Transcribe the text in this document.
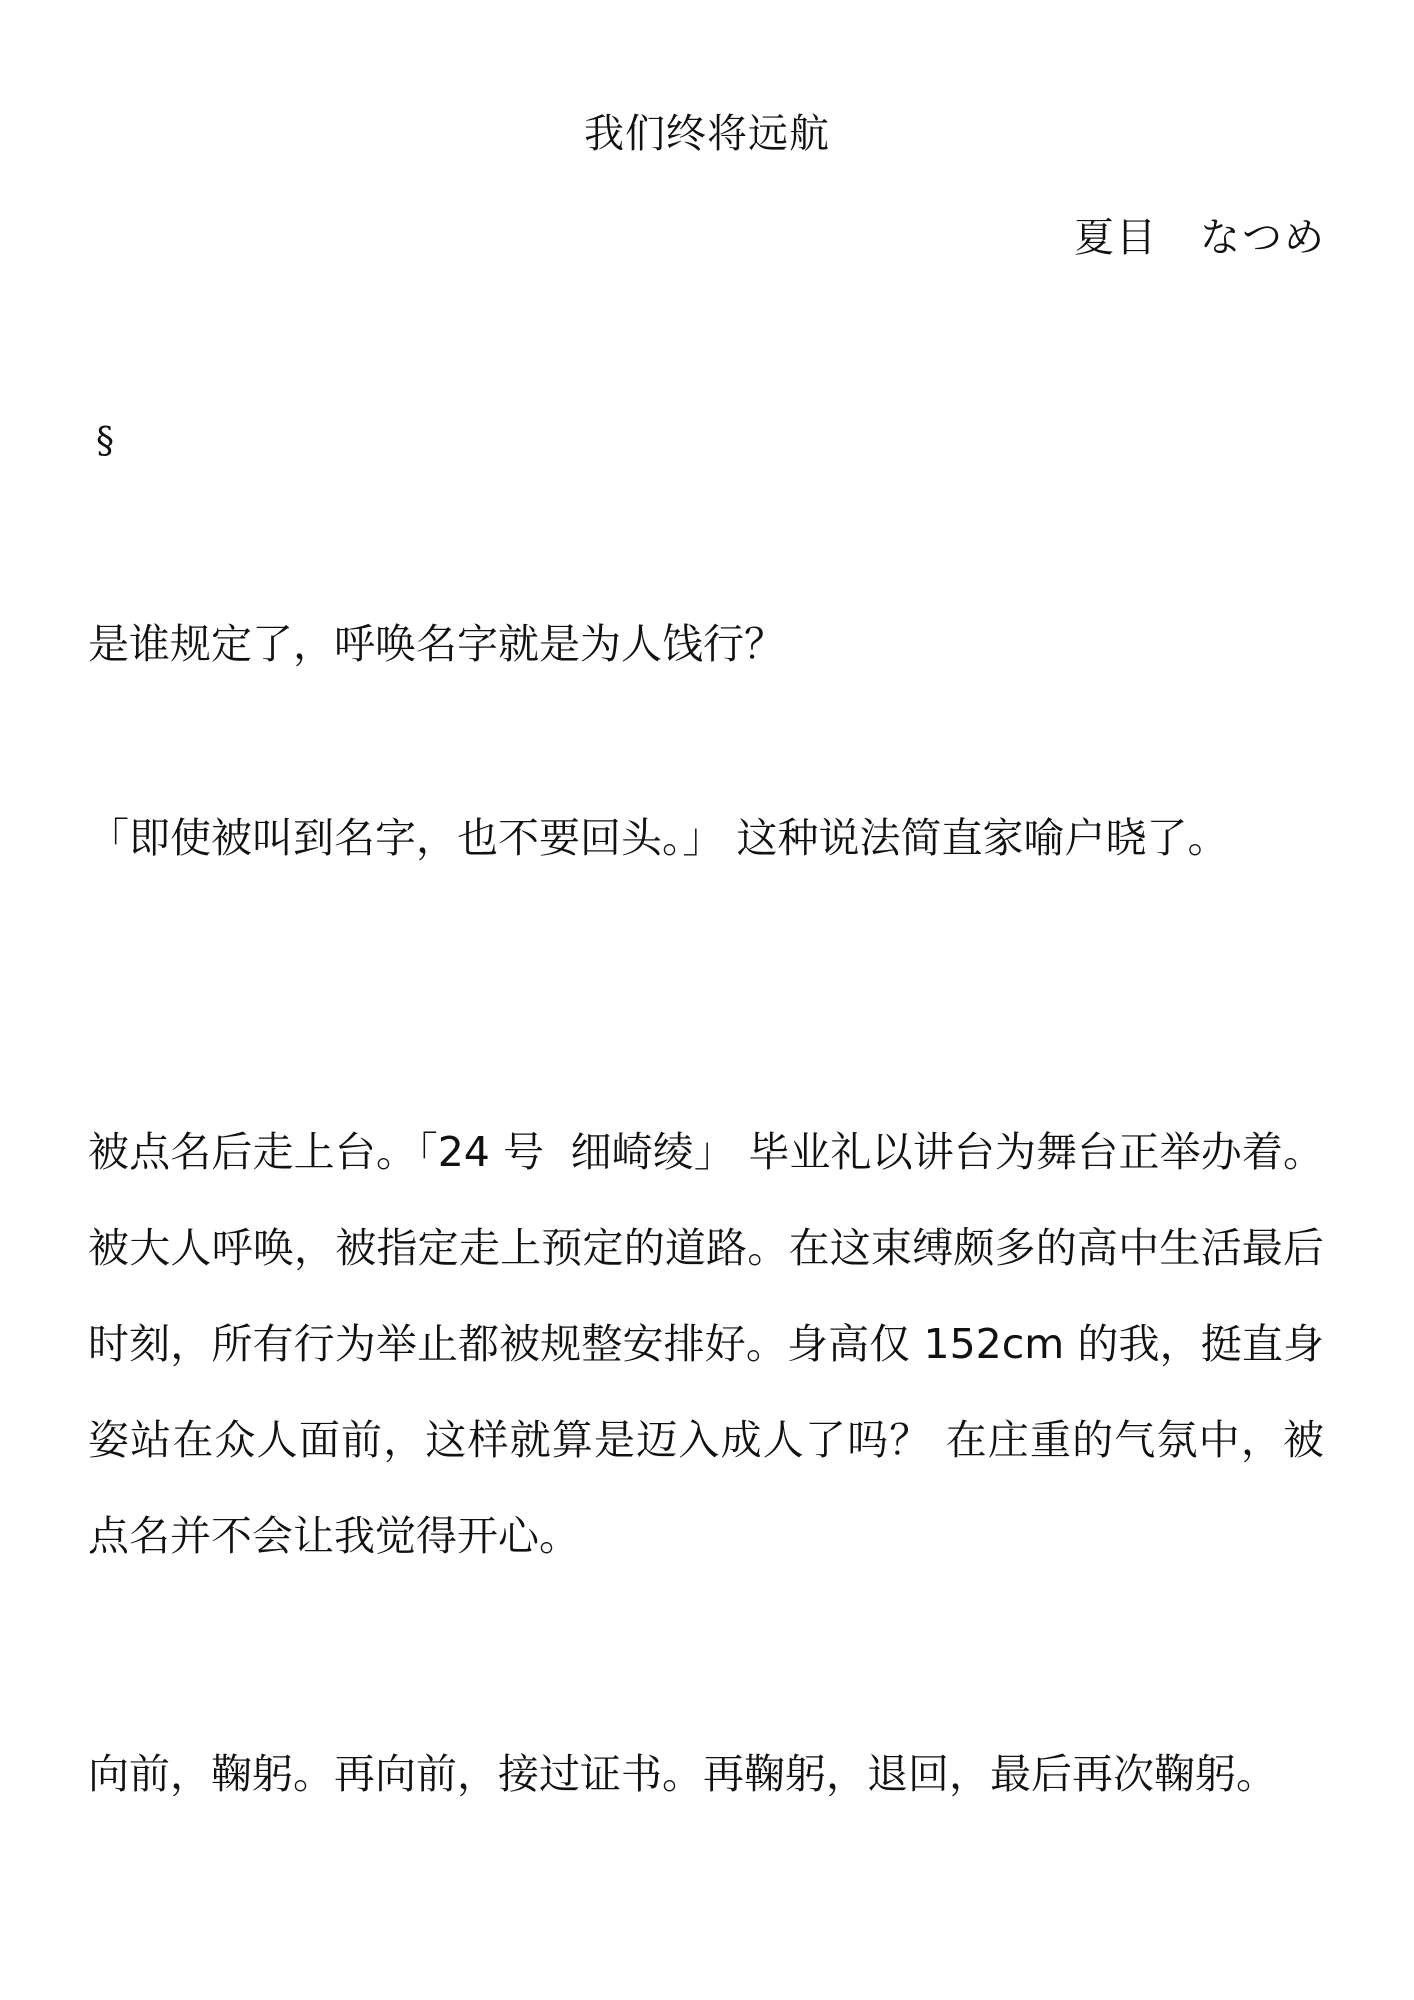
我们终将远航
夏目　なつめ
§

是谁规定了，呼唤名字就是为人饯行？

「即使被叫到名字，也不要回头。」 这种说法简直家喻户晓了。

被点名后走上台。「24 号  细崎绫」 毕业礼以讲台为舞台正举办着。被大人呼唤，被指定走上预定的道路。在这束缚颇多的高中生活最后时刻，所有行为举止都被规整安排好。身高仅 152cm 的我，挺直身姿站在众人面前，这样就算是迈入成人了吗？ 在庄重的气氛中，被点名并不会让我觉得开心。

向前，鞠躬。再向前，接过证书。再鞠躬，退回，最后再次鞠躬。
